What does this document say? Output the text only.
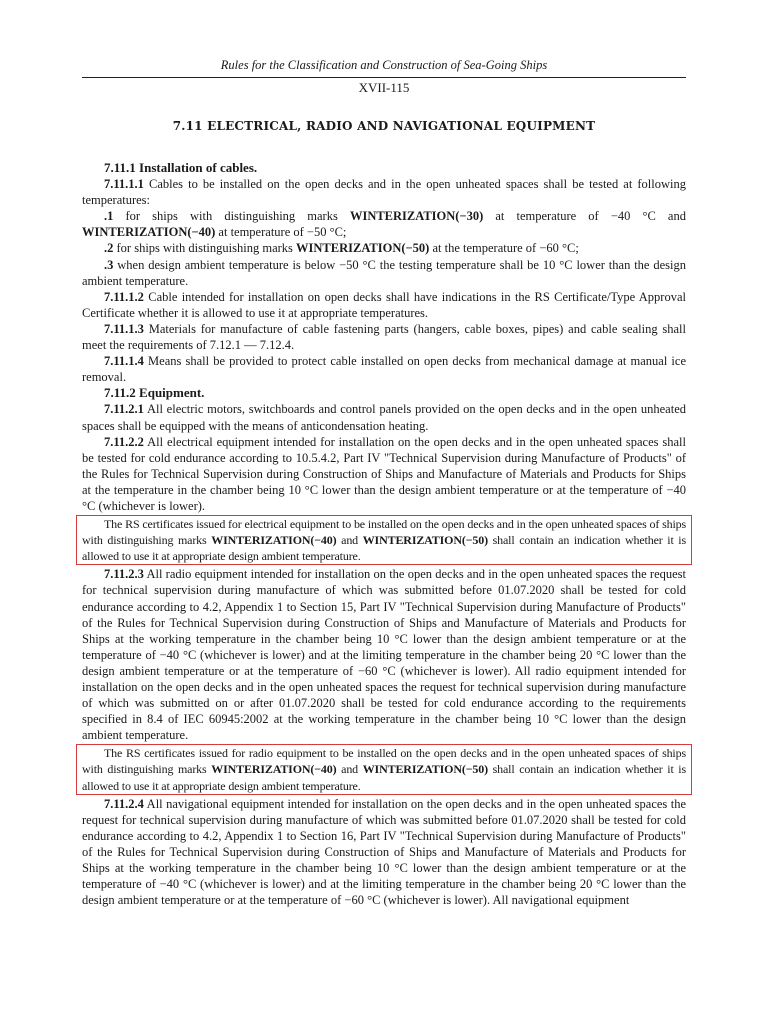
Rules for the Classification and Construction of Sea-Going Ships
XVII-115
7.11 ELECTRICAL, RADIO AND NAVIGATIONAL EQUIPMENT

7.11.1 Installation of cables.

7.11.1.1 Cables to be installed on the open decks and in the open unheated spaces shall be tested at following temperatures:

.1 for ships with distinguishing marks WINTERIZATION(−30) at temperature of −40 °C and WINTERIZATION(−40) at temperature of −50 °C;

.2 for ships with distinguishing marks WINTERIZATION(−50) at the temperature of −60 °C;

.3 when design ambient temperature is below −50 °C the testing temperature shall be 10 °C lower than the design ambient temperature.

7.11.1.2 Cable intended for installation on open decks shall have indications in the RS Certificate/Type Approval Certificate whether it is allowed to use it at appropriate temperatures.

7.11.1.3 Materials for manufacture of cable fastening parts (hangers, cable boxes, pipes) and cable sealing shall meet the requirements of 7.12.1 — 7.12.4.

7.11.1.4 Means shall be provided to protect cable installed on open decks from mechanical damage at manual ice removal.

7.11.2 Equipment.

7.11.2.1 All electric motors, switchboards and control panels provided on the open decks and in the open unheated spaces shall be equipped with the means of anticondensation heating.

7.11.2.2 All electrical equipment intended for installation on the open decks and in the open unheated spaces shall be tested for cold endurance according to 10.5.4.2, Part IV "Technical Supervision during Manufacture of Products" of the Rules for Technical Supervision during Construction of Ships and Manufacture of Materials and Products for Ships at the temperature in the chamber being 10 °C lower than the design ambient temperature or at the temperature of −40 °C (whichever is lower).

The RS certificates issued for electrical equipment to be installed on the open decks and in the open unheated spaces of ships with distinguishing marks WINTERIZATION(−40) and WINTERIZATION(−50) shall contain an indication whether it is allowed to use it at appropriate design ambient temperature.

7.11.2.3 All radio equipment intended for installation on the open decks and in the open unheated spaces the request for technical supervision during manufacture of which was submitted before 01.07.2020 shall be tested for cold endurance according to 4.2, Appendix 1 to Section 15, Part IV "Technical Supervision during Manufacture of Products" of the Rules for Technical Supervision during Construction of Ships and Manufacture of Materials and Products for Ships at the working temperature in the chamber being 10 °C lower than the design ambient temperature or at the temperature of −40 °C (whichever is lower) and at the limiting temperature in the chamber being 20 °C lower than the design ambient temperature or at the temperature of −60 °C (whichever is lower). All radio equipment intended for installation on the open decks and in the open unheated spaces the request for technical supervision during manufacture of which was submitted on or after 01.07.2020 shall be tested for cold endurance according to the requirements specified in 8.4 of IEC 60945:2002 at the working temperature in the chamber being 10 °C lower than the design ambient temperature.

The RS certificates issued for radio equipment to be installed on the open decks and in the open unheated spaces of ships with distinguishing marks WINTERIZATION(−40) and WINTERIZATION(−50) shall contain an indication whether it is allowed to use it at appropriate design ambient temperature.

7.11.2.4 All navigational equipment intended for installation on the open decks and in the open unheated spaces the request for technical supervision during manufacture of which was submitted before 01.07.2020 shall be tested for cold endurance according to 4.2, Appendix 1 to Section 16, Part IV "Technical Supervision during Manufacture of Products" of the Rules for Technical Supervision during Construction of Ships and Manufacture of Materials and Products for Ships at the working temperature in the chamber being 10 °C lower than the design ambient temperature or at the temperature of −40 °C (whichever is lower) and at the limiting temperature in the chamber being 20 °C lower than the design ambient temperature or at the temperature of −60 °C (whichever is lower). All navigational equipment
